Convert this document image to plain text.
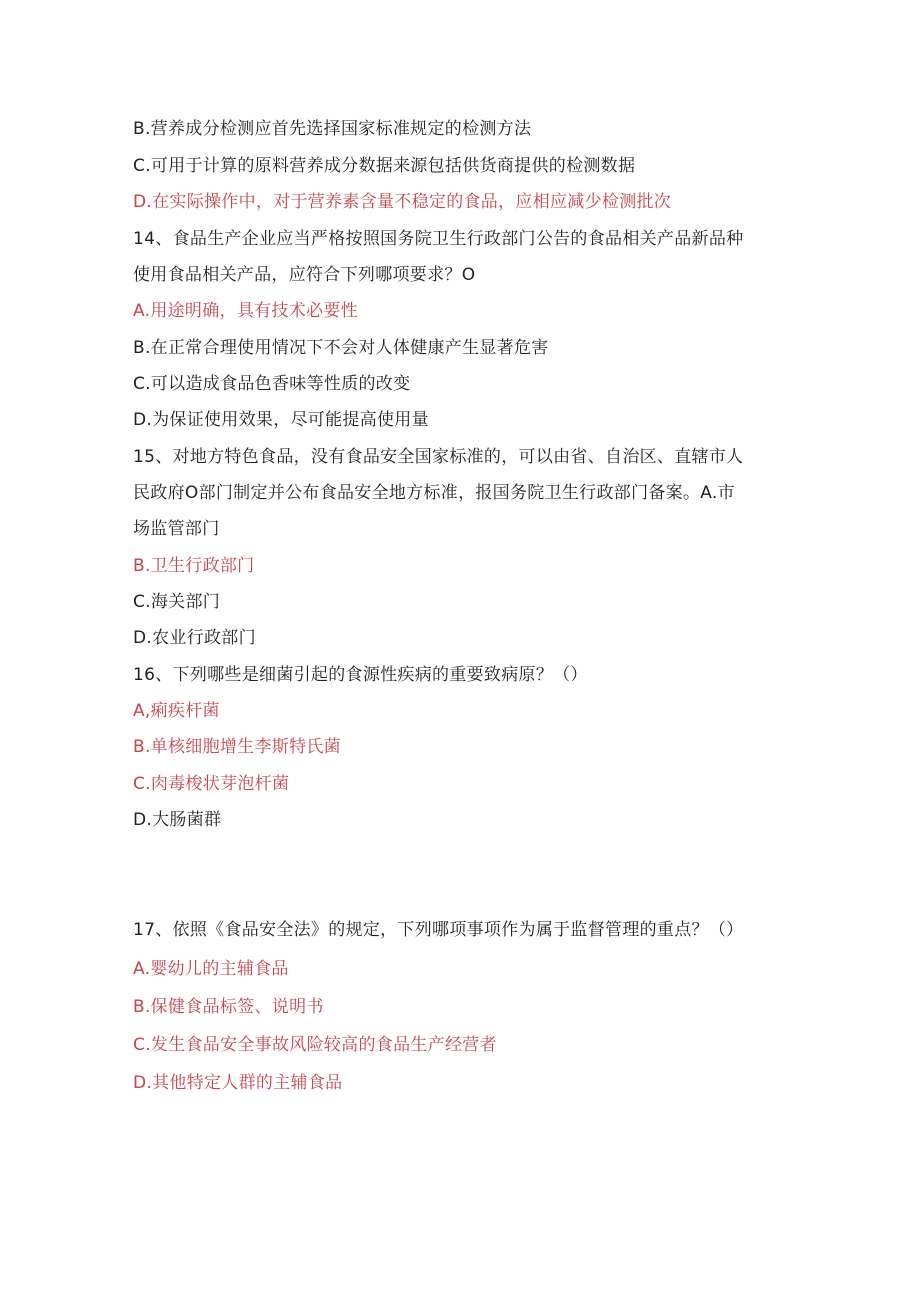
B.营养成分检测应首先选择国家标准规定的检测方法
C.可用于计算的原料营养成分数据来源包括供货商提供的检测数据
D.在实际操作中，对于营养素含量不稳定的食品，应相应减少检测批次
14、食品生产企业应当严格按照国务院卫生行政部门公告的食品相关产品新品种
使用食品相关产品，应符合下列哪项要求？O
A.用途明确，具有技术必要性
B.在正常合理使用情况下不会对人体健康产生显著危害
C.可以造成食品色香味等性质的改变
D.为保证使用效果，尽可能提高使用量
15、对地方特色食品，没有食品安全国家标准的，可以由省、自治区、直辖市人
民政府O部门制定并公布食品安全地方标准，报国务院卫生行政部门备案。A.市
场监管部门
B.卫生行政部门
C.海关部门
D.农业行政部门
16、下列哪些是细菌引起的食源性疾病的重要致病原？（）
A,痢疾杆菌
B.单核细胞增生李斯特氏菌
C.肉毒梭状芽泡杆菌
D.大肠菌群
17、依照《食品安全法》的规定，下列哪项事项作为属于监督管理的重点？（）
A.婴幼儿的主辅食品
B.保健食品标签、说明书
C.发生食品安全事故风险较高的食品生产经营者
D.其他特定人群的主辅食品
